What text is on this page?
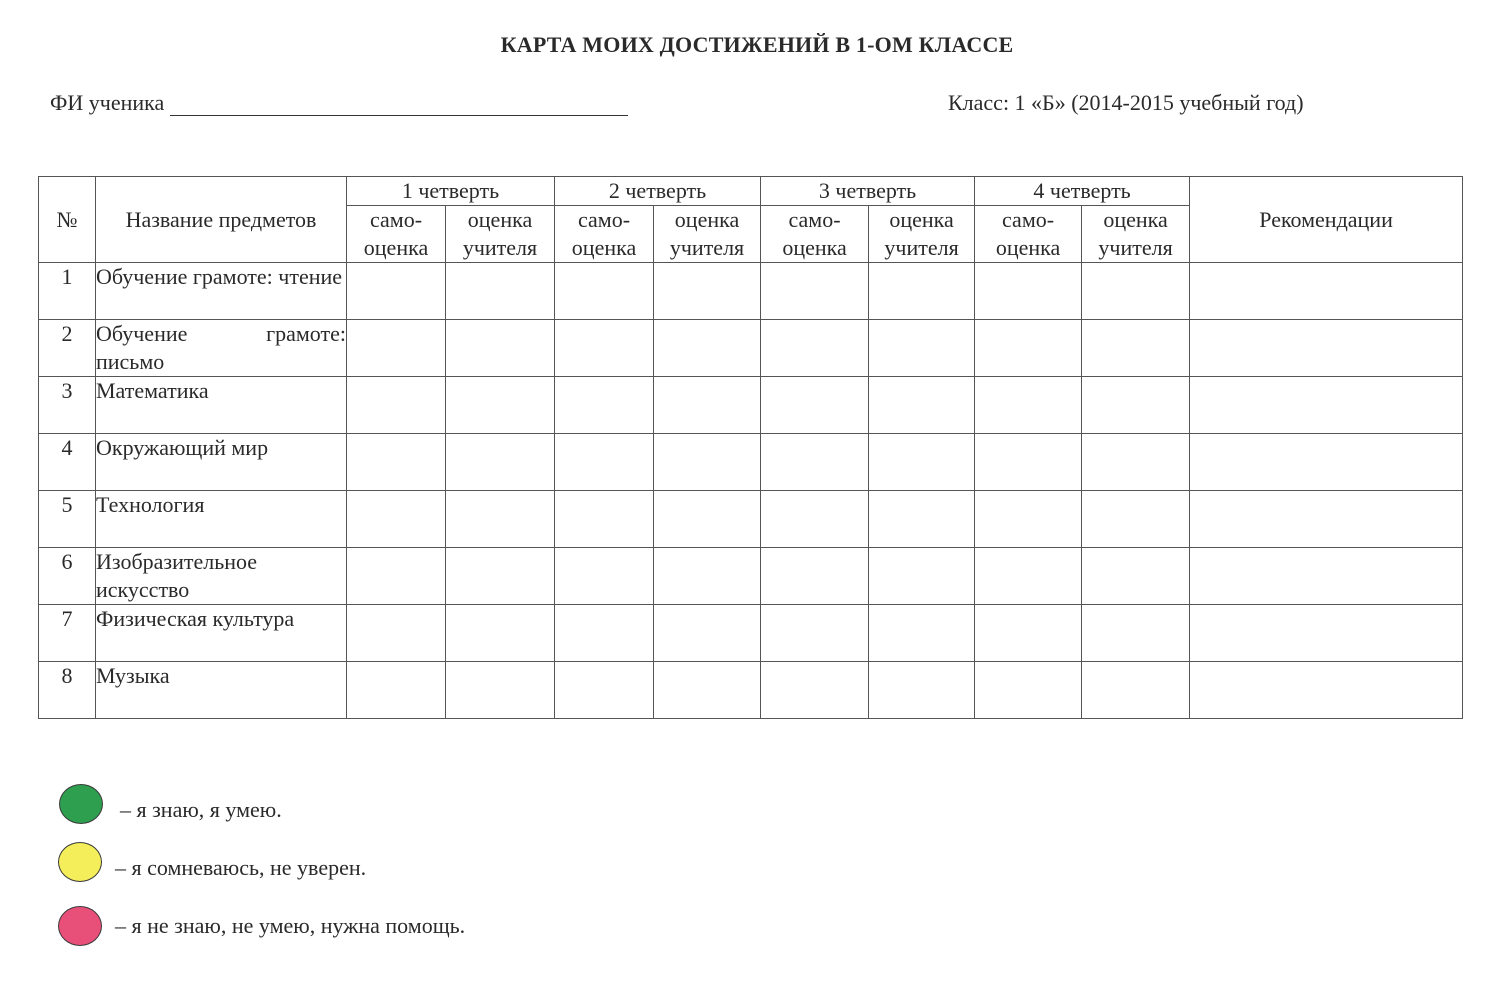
КАРТА МОИХ ДОСТИЖЕНИЙ В 1-ОМ КЛАССЕ
ФИ ученика	Класс: 1 «Б» (2014-2015 учебный год)
№	Название предметов	1 четверть		2 четверть		3 четверть		4 четверть		Рекомендации
		само-оценка	оценка учителя	само-оценка	оценка учителя	само-оценка	оценка учителя	само-оценка	оценка учителя	
1	Обучение грамоте: чтение									
2	Обучение грамоте: письмо									
3	Математика									
4	Окружающий мир									
5	Технология									
6	Изобразительное искусство									
7	Физическая культура									
8	Музыка									
– я знаю, я умею.
– я сомневаюсь, не уверен.
– я не знаю, не умею, нужна помощь.
